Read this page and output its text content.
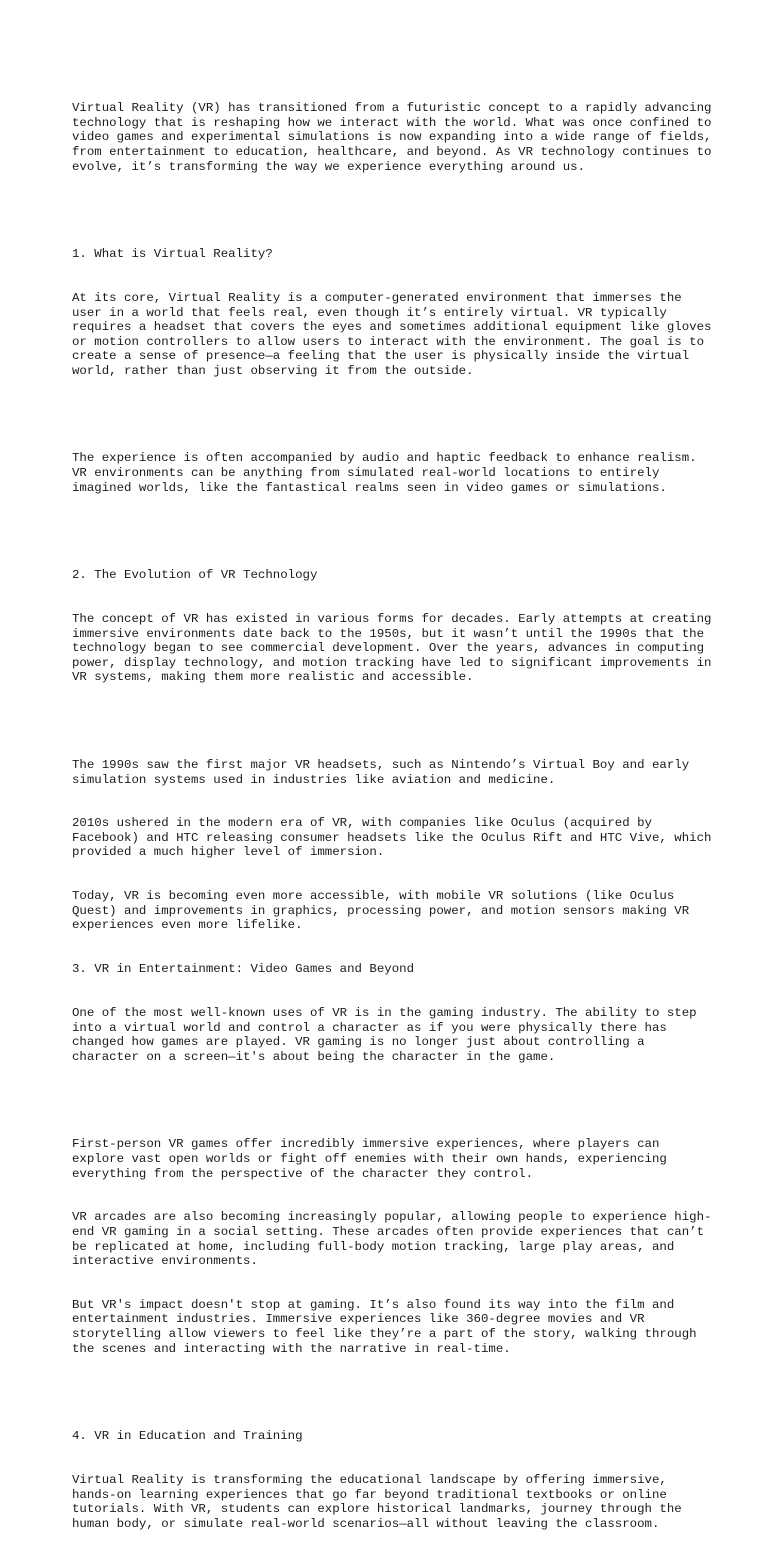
Virtual Reality (VR) has transitioned from a futuristic concept to a rapidly advancing technology that is reshaping how we interact with the world. What was once confined to video games and experimental simulations is now expanding into a wide range of fields, from entertainment to education, healthcare, and beyond. As VR technology continues to evolve, it’s transforming the way we experience everything around us.

1. What is Virtual Reality?

At its core, Virtual Reality is a computer-generated environment that immerses the user in a world that feels real, even though it’s entirely virtual. VR typically requires a headset that covers the eyes and sometimes additional equipment like gloves or motion controllers to allow users to interact with the environment. The goal is to create a sense of presence—a feeling that the user is physically inside the virtual world, rather than just observing it from the outside.

The experience is often accompanied by audio and haptic feedback to enhance realism. VR environments can be anything from simulated real-world locations to entirely imagined worlds, like the fantastical realms seen in video games or simulations.

2. The Evolution of VR Technology

The concept of VR has existed in various forms for decades. Early attempts at creating immersive environments date back to the 1950s, but it wasn’t until the 1990s that the technology began to see commercial development. Over the years, advances in computing power, display technology, and motion tracking have led to significant improvements in VR systems, making them more realistic and accessible.

The 1990s saw the first major VR headsets, such as Nintendo’s Virtual Boy and early simulation systems used in industries like aviation and medicine.

2010s ushered in the modern era of VR, with companies like Oculus (acquired by Facebook) and HTC releasing consumer headsets like the Oculus Rift and HTC Vive, which provided a much higher level of immersion.

Today, VR is becoming even more accessible, with mobile VR solutions (like Oculus Quest) and improvements in graphics, processing power, and motion sensors making VR experiences even more lifelike.

3. VR in Entertainment: Video Games and Beyond

One of the most well-known uses of VR is in the gaming industry. The ability to step into a virtual world and control a character as if you were physically there has changed how games are played. VR gaming is no longer just about controlling a character on a screen—it's about being the character in the game.

First-person VR games offer incredibly immersive experiences, where players can explore vast open worlds or fight off enemies with their own hands, experiencing everything from the perspective of the character they control.

VR arcades are also becoming increasingly popular, allowing people to experience high-end VR gaming in a social setting. These arcades often provide experiences that can’t be replicated at home, including full-body motion tracking, large play areas, and interactive environments.

But VR's impact doesn't stop at gaming. It’s also found its way into the film and entertainment industries. Immersive experiences like 360-degree movies and VR storytelling allow viewers to feel like they’re a part of the story, walking through the scenes and interacting with the narrative in real-time.

4. VR in Education and Training

Virtual Reality is transforming the educational landscape by offering immersive, hands-on learning experiences that go far beyond traditional textbooks or online tutorials. With VR, students can explore historical landmarks, journey through the human body, or simulate real-world scenarios—all without leaving the classroom.
